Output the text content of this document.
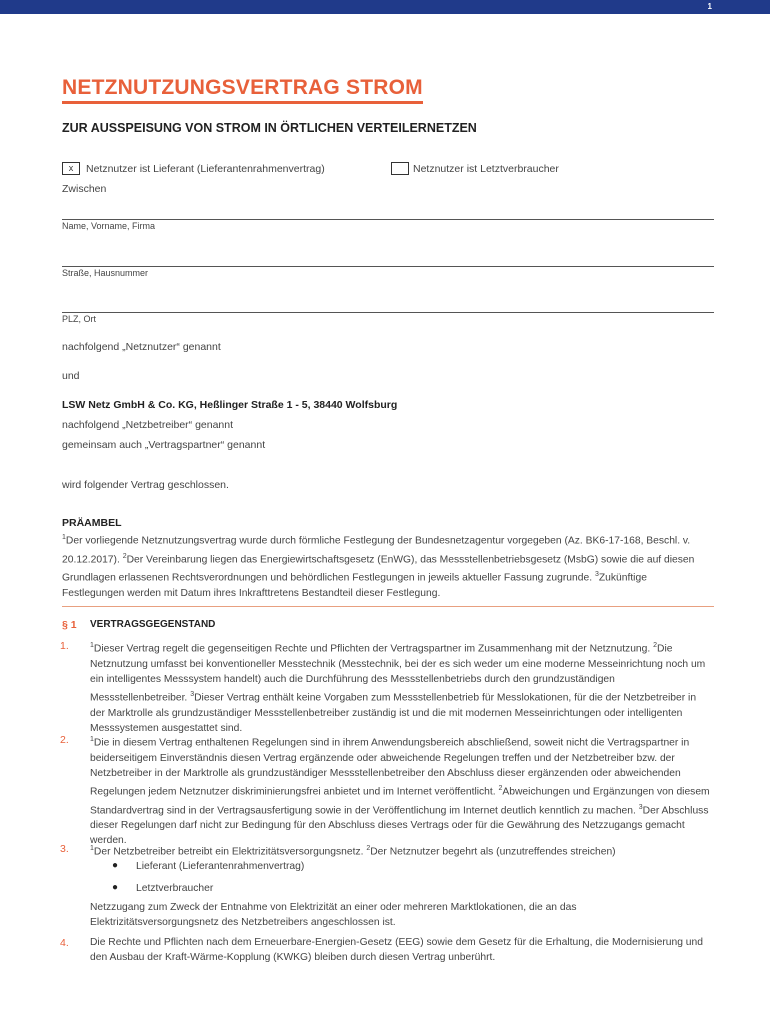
1
NETZNUTZUNGSVERTRAG STROM
ZUR AUSSPEISUNG VON STROM IN ÖRTLICHEN VERTEILERNETZEN
x	Netznutzer ist Lieferant (Lieferantenrahmenvertrag)	Netznutzer ist Letztverbraucher
Zwischen
Name, Vorname, Firma
Straße, Hausnummer
PLZ, Ort
nachfolgend „Netznutzer“ genannt
und
LSW Netz GmbH & Co. KG, Heßlinger Straße 1 - 5, 38440 Wolfsburg
nachfolgend „Netzbetreiber“ genannt
gemeinsam auch „Vertragspartner“ genannt
wird folgender Vertrag geschlossen.
PRÄAMBEL
$^1$Der vorliegende Netznutzungsvertrag wurde durch förmliche Festlegung der Bundesnetzagentur vorgegeben (Az. BK6-17-168, Beschl. v. 20.12.2017). $^2$Der Vereinbarung liegen das Energiewirtschaftsgesetz (EnWG), das Messstellenbetriebsgesetz (MsbG) sowie die auf diesen Grundlagen erlassenen Rechtsverordnungen und behördlichen Festlegungen in jeweils aktueller Fassung zugrunde. $^3$Zukünftige Festlegungen werden mit Datum ihres Inkrafttretens Bestandteil dieser Festlegung.
§ 1 VERTRAGSGEGENSTAND
1.	$^1$Dieser Vertrag regelt die gegenseitigen Rechte und Pflichten der Vertragspartner im Zusammenhang mit der Netznutzung. $^2$Die Netznutzung umfasst bei konventioneller Messtechnik (Messtechnik, bei der es sich weder um eine moderne Messeinrichtung noch um ein intelligentes Messsystem handelt) auch die Durchführung des Messstellenbetriebs durch den grundzuständigen Messstellenbetreiber. $^3$Dieser Vertrag enthält keine Vorgaben zum Messstellenbetrieb für Messlokationen, für die der Netzbetreiber in der Marktrolle als grundzuständiger Messstellenbetreiber zuständig ist und die mit modernen Messeinrichtungen oder intelligenten Messsystemen ausgestattet sind.
2.	$^1$Die in diesem Vertrag enthaltenen Regelungen sind in ihrem Anwendungsbereich abschließend, soweit nicht die Vertragspartner in beiderseitigem Einverständnis diesen Vertrag ergänzende oder abweichende Regelungen treffen und der Netzbetreiber bzw. der Netzbetreiber in der Marktrolle als grundzuständiger Messstellenbetreiber den Abschluss dieser ergänzenden oder abweichenden Regelungen jedem Netznutzer diskriminierungsfrei anbietet und im Internet veröffentlicht. $^2$Abweichungen und Ergänzungen von diesem Standardvertrag sind in der Vertragsausfertigung sowie in der Veröffentlichung im Internet deutlich kenntlich zu machen. $^3$Der Abschluss dieser Regelungen darf nicht zur Bedingung für den Abschluss dieses Vertrags oder für die Gewährung des Netzzugangs gemacht werden.
3.	$^1$Der Netzbetreiber betreibt ein Elektrizitätsversorgungsnetz. $^2$Der Netznutzer begehrt als (unzutreffendes streichen)
● Lieferant (Lieferantenrahmenvertrag)
● Letztverbraucher
Netzzugang zum Zweck der Entnahme von Elektrizität an einer oder mehreren Marktlokationen, die an das Elektrizitätsversorgungsnetz des Netzbetreibers angeschlossen ist.
4. Die Rechte und Pflichten nach dem Erneuerbare-Energien-Gesetz (EEG) sowie dem Gesetz für die Erhaltung, die Modernisierung und den Ausbau der Kraft-Wärme-Kopplung (KWKG) bleiben durch diesen Vertrag unberührt.
